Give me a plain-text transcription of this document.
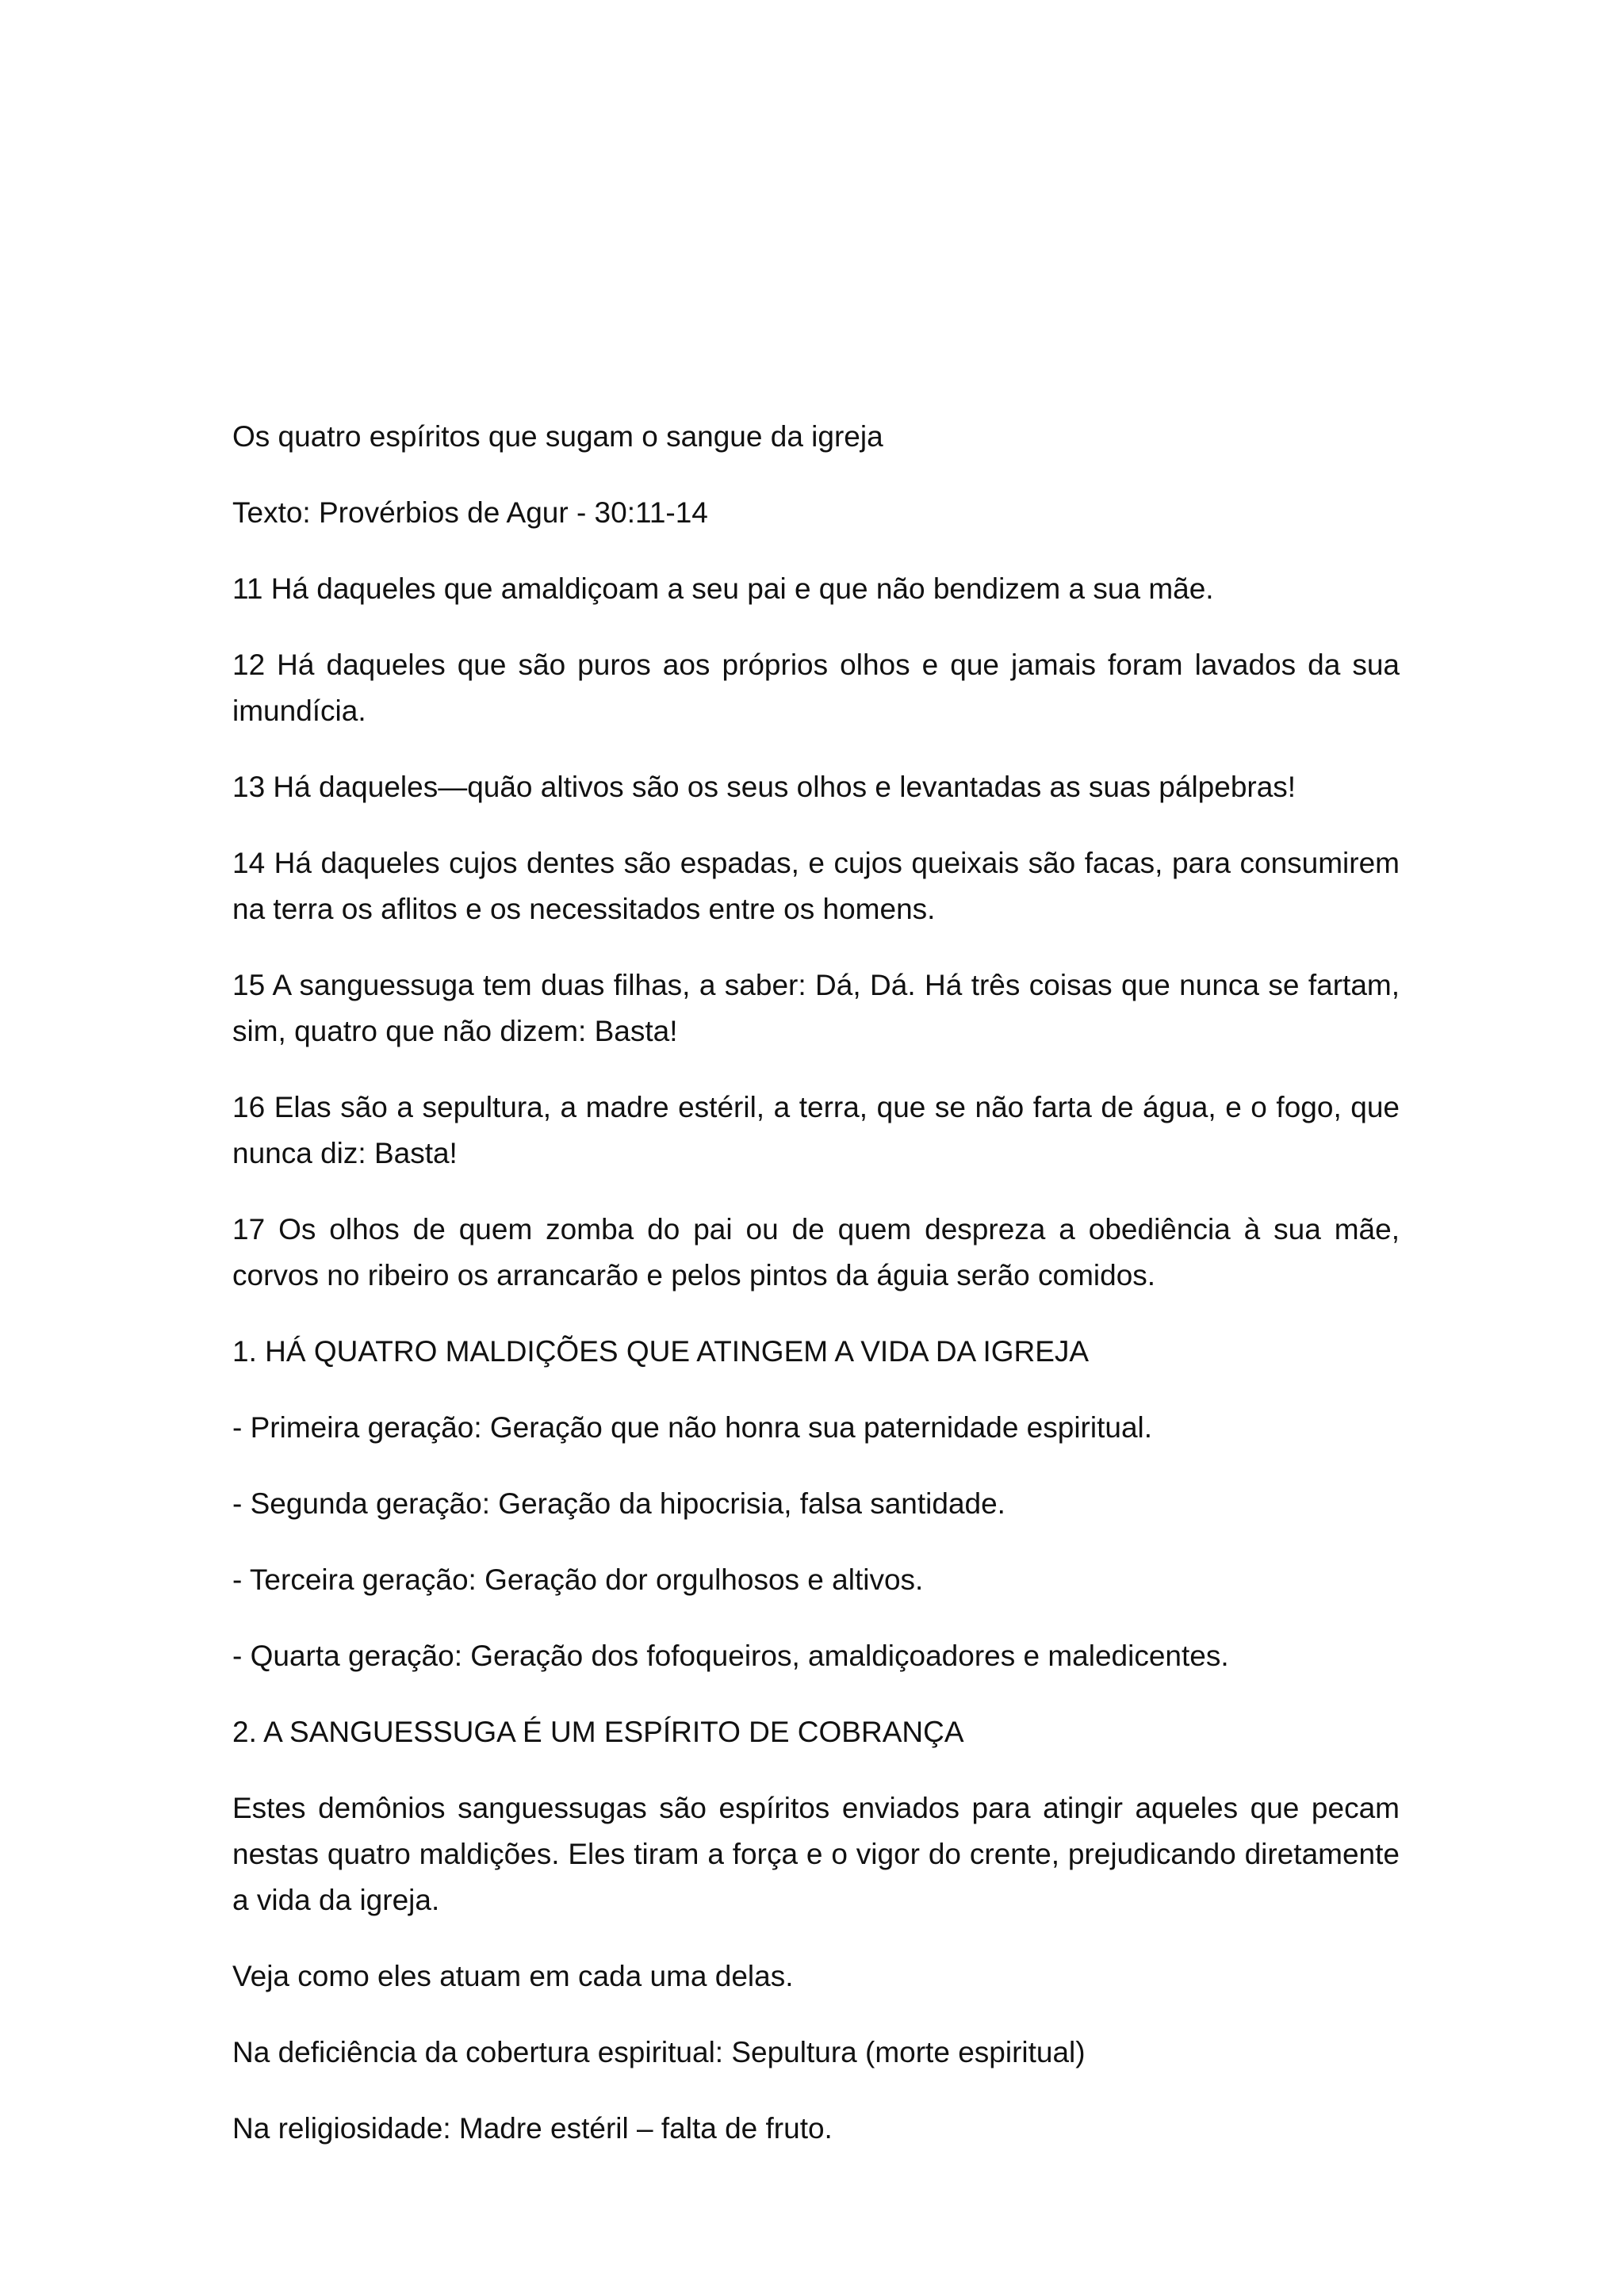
Os quatro espíritos que sugam o sangue da igreja

Texto: Provérbios de Agur - 30:11-14

11 Há daqueles que amaldiçoam a seu pai e que não bendizem a sua mãe.

12 Há daqueles que são puros aos próprios olhos e que jamais foram lavados da sua imundícia.

13 Há daqueles—quão altivos são os seus olhos e levantadas as suas pálpebras!

14 Há daqueles cujos dentes são espadas, e cujos queixais são facas, para consumirem na terra os aflitos e os necessitados entre os homens.

15 A sanguessuga tem duas filhas, a saber: Dá, Dá. Há três coisas que nunca se fartam, sim, quatro que não dizem: Basta!

16 Elas são a sepultura, a madre estéril, a terra, que se não farta de água, e o fogo, que nunca diz: Basta!

17 Os olhos de quem zomba do pai ou de quem despreza a obediência à sua mãe, corvos no ribeiro os arrancarão e pelos pintos da águia serão comidos.

1. HÁ QUATRO MALDIÇÕES QUE ATINGEM A VIDA DA IGREJA

- Primeira geração: Geração que não honra sua paternidade espiritual.

- Segunda geração: Geração da hipocrisia, falsa santidade.

- Terceira geração: Geração dor orgulhosos e altivos.

- Quarta geração: Geração dos fofoqueiros, amaldiçoadores e maledicentes.

2. A SANGUESSUGA É UM ESPÍRITO DE COBRANÇA

Estes demônios sanguessugas são espíritos enviados para atingir aqueles que pecam nestas quatro maldições. Eles tiram a força e o vigor do crente, prejudicando diretamente a vida da igreja.

Veja como eles atuam em cada uma delas.

Na deficiência da cobertura espiritual: Sepultura (morte espiritual)

Na religiosidade: Madre estéril – falta de fruto.
